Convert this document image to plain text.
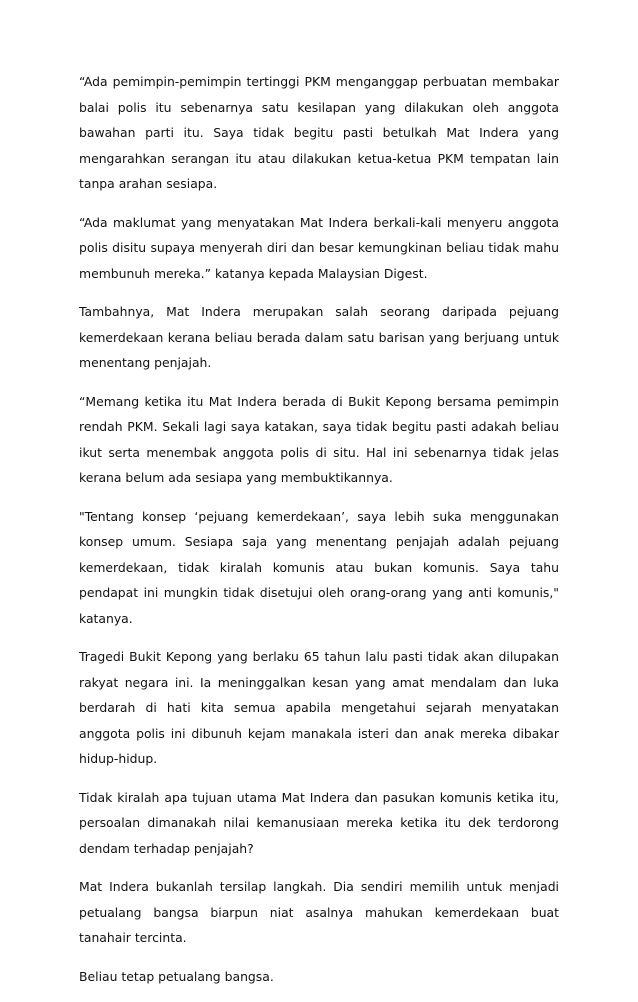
“Ada pemimpin-pemimpin tertinggi PKM menganggap perbuatan membakar balai polis itu sebenarnya satu kesilapan yang dilakukan oleh anggota bawahan parti itu. Saya tidak begitu pasti betulkah Mat Indera yang mengarahkan serangan itu atau dilakukan ketua-ketua PKM tempatan lain tanpa arahan sesiapa.

“Ada maklumat yang menyatakan Mat Indera berkali-kali menyeru anggota polis disitu supaya menyerah diri dan besar kemungkinan beliau tidak mahu membunuh mereka.” katanya kepada Malaysian Digest.

Tambahnya, Mat Indera merupakan salah seorang daripada pejuang kemerdekaan kerana beliau berada dalam satu barisan yang berjuang untuk menentang penjajah.

“Memang ketika itu Mat Indera berada di Bukit Kepong bersama pemimpin rendah PKM. Sekali lagi saya katakan, saya tidak begitu pasti adakah beliau ikut serta menembak anggota polis di situ. Hal ini sebenarnya tidak jelas kerana belum ada sesiapa yang membuktikannya.

"Tentang konsep ‘pejuang kemerdekaan’, saya lebih suka menggunakan konsep umum. Sesiapa saja yang menentang penjajah adalah pejuang kemerdekaan, tidak kiralah komunis atau bukan komunis. Saya tahu pendapat ini mungkin tidak disetujui oleh orang-orang yang anti komunis," katanya.

Tragedi Bukit Kepong yang berlaku 65 tahun lalu pasti tidak akan dilupakan rakyat negara ini. Ia meninggalkan kesan yang amat mendalam dan luka berdarah di hati kita semua apabila mengetahui sejarah menyatakan anggota polis ini dibunuh kejam manakala isteri dan anak mereka dibakar hidup-hidup.

Tidak kiralah apa tujuan utama Mat Indera dan pasukan komunis ketika itu, persoalan dimanakah nilai kemanusiaan mereka ketika itu dek terdorong dendam terhadap penjajah?

Mat Indera bukanlah tersilap langkah. Dia sendiri memilih untuk menjadi petualang bangsa biarpun niat asalnya mahukan kemerdekaan buat tanahair tercinta.

Beliau tetap petualang bangsa.
